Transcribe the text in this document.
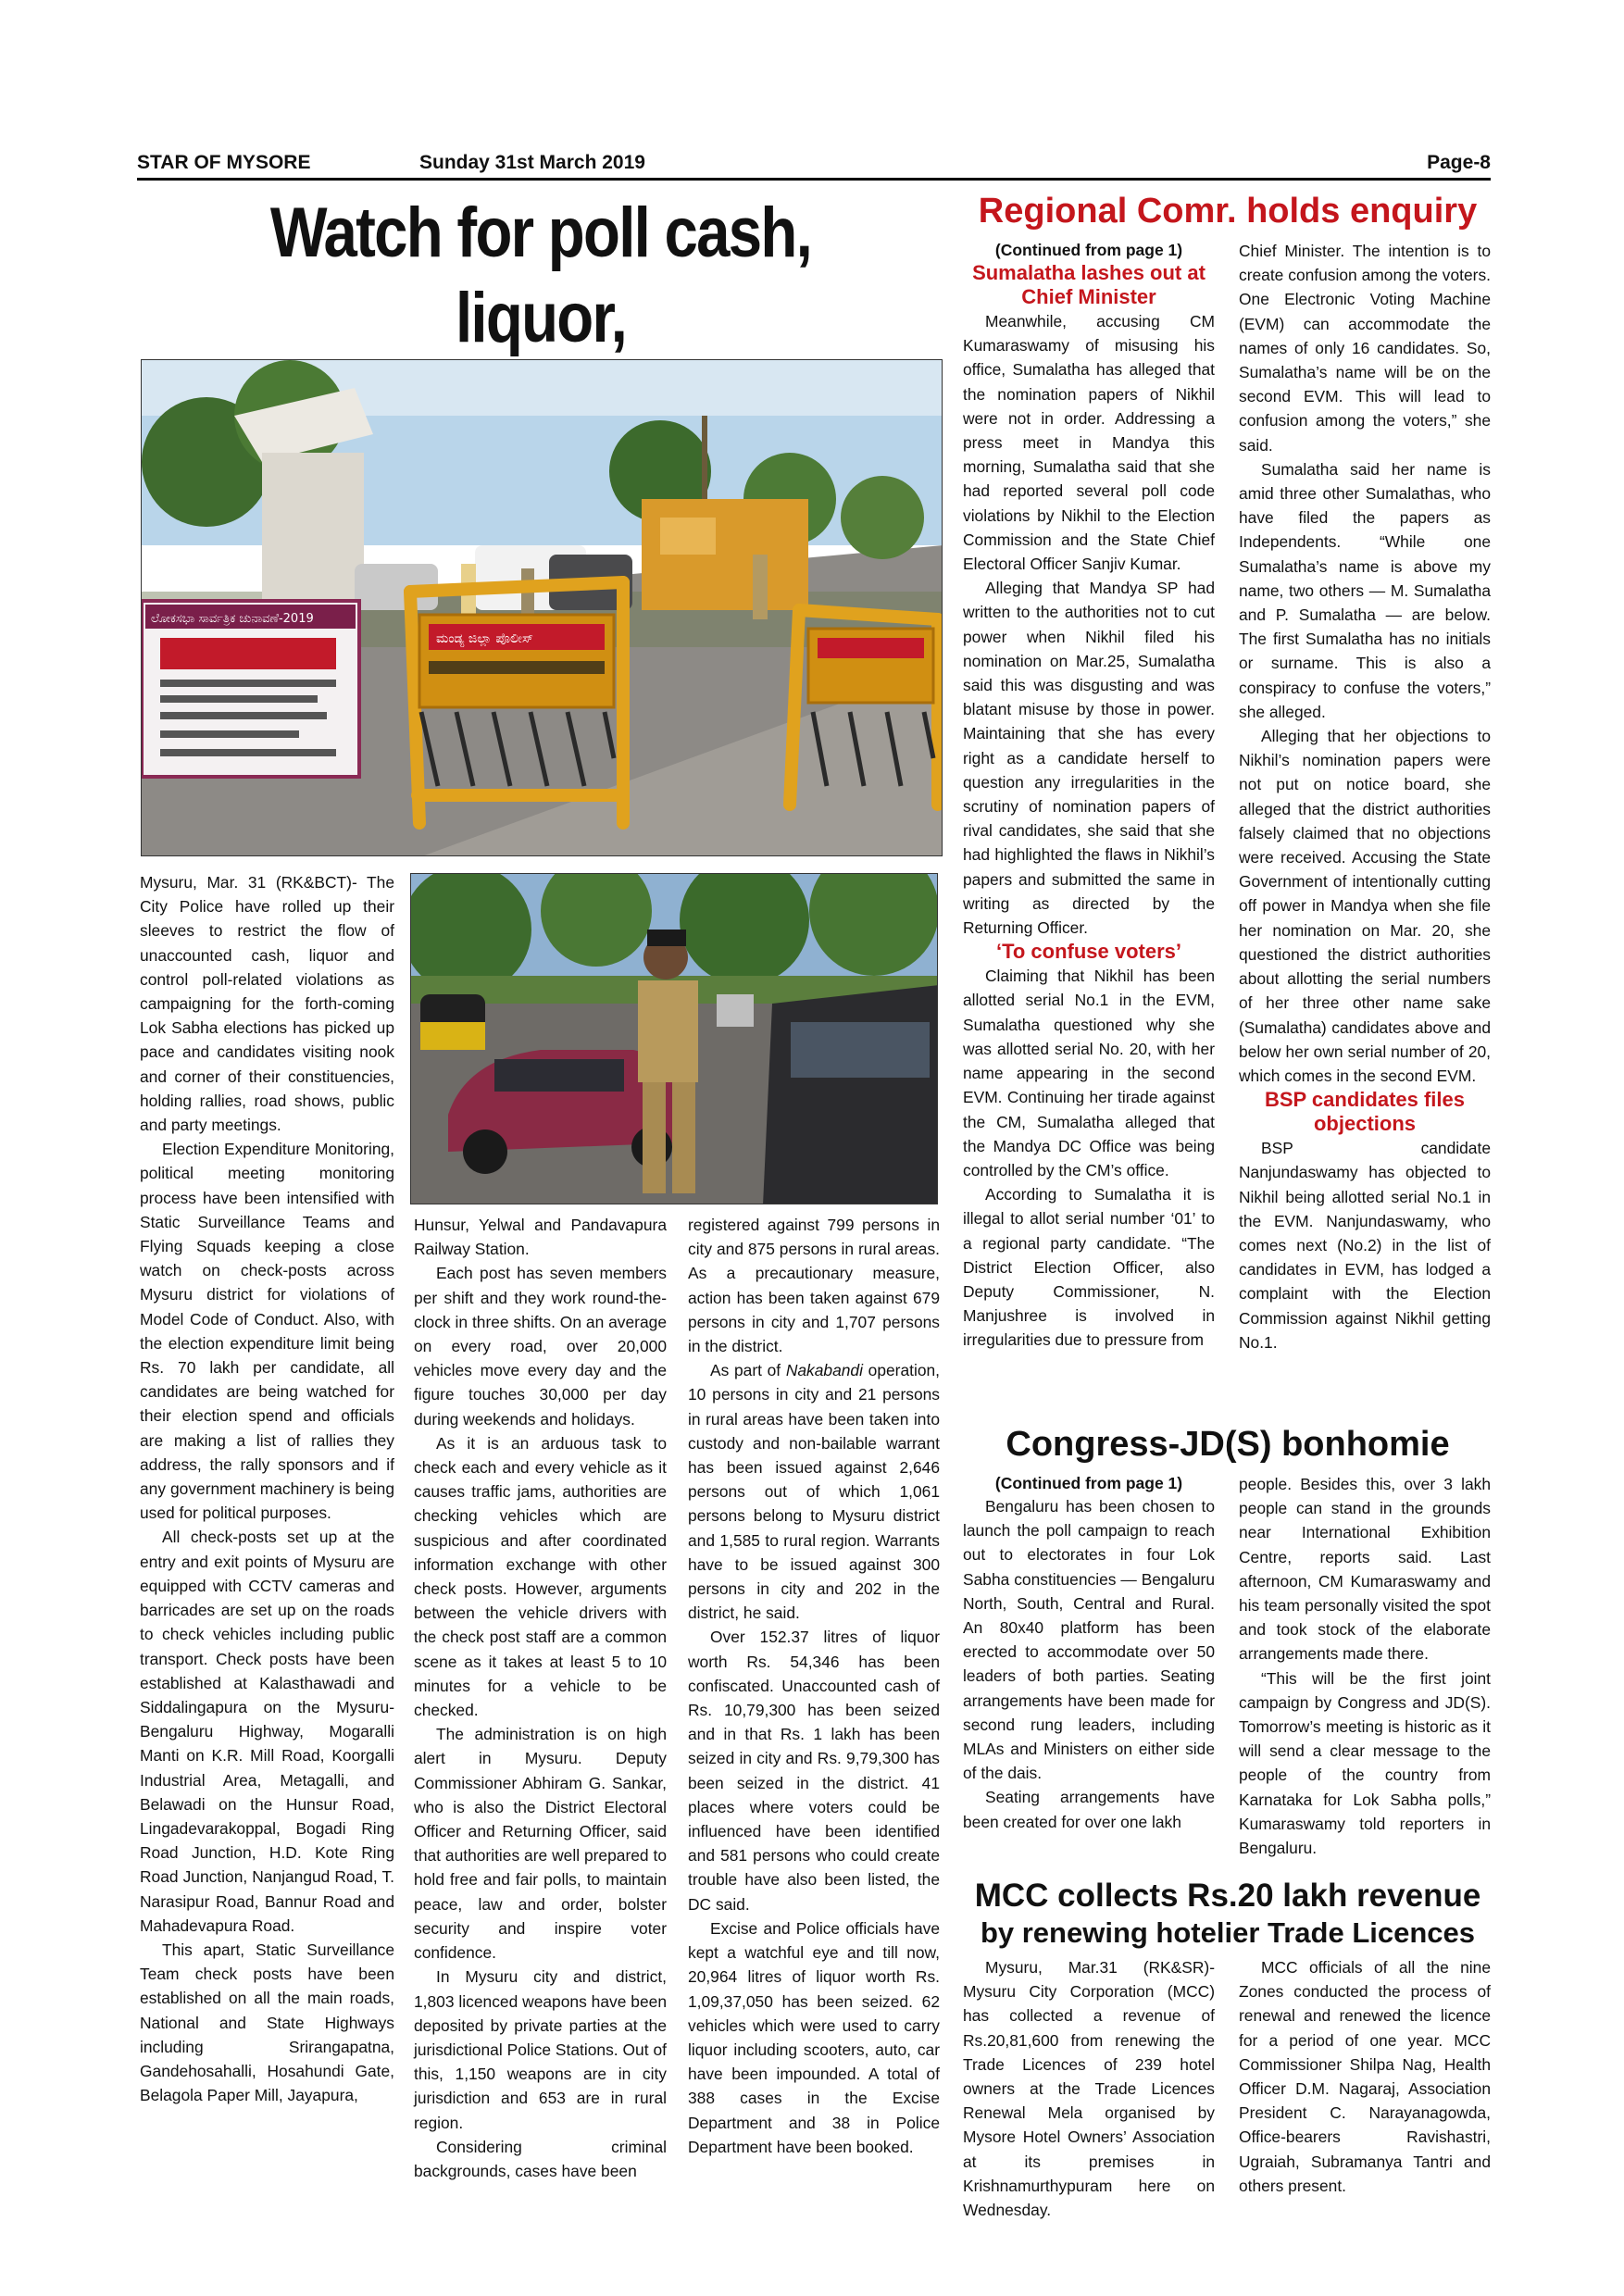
STAR OF MYSORE	Sunday 31st March 2019	Page-8
Watch for poll cash, liquor,
ಲೋಕಸಭಾ ಸಾರ್ವತ್ರಿಕ ಚುನಾವಣೆ-2019
ಮಂಡ್ಯ ಜಿಲ್ಲಾ ಪೊಲೀಸ್

Mysuru, Mar. 31 (RK&BCT)- The City Police have rolled up their sleeves to restrict the flow of unaccounted cash, liquor and control poll-related violations as campaigning for the forth-coming Lok Sabha elections has picked up pace and candidates visiting nook and corner of their constituencies, holding rallies, road shows, public and party meetings.

Election Expenditure Monitoring, political meeting monitoring process have been intensified with Static Surveillance Teams and Flying Squads keeping a close watch on check-posts across Mysuru district for violations of Model Code of Conduct. Also, with the election expenditure limit being Rs. 70 lakh per candidate, all candidates are being watched for their election spend and officials are making a list of rallies they address, the rally sponsors and if any government machinery is being used for political purposes.

All check-posts set up at the entry and exit points of Mysuru are equipped with CCTV cameras and barricades are set up on the roads to check vehicles including public transport. Check posts have been established at Kalasthawadi and Siddalingapura on the Mysuru-Bengaluru Highway, Mogaralli Manti on K.R. Mill Road, Koorgalli Industrial Area, Metagalli, and Belawadi on the Hunsur Road, Lingadevarakoppal, Bogadi Ring Road Junction, H.D. Kote Ring Road Junction, Nanjangud Road, T. Narasipur Road, Bannur Road and Mahadevapura Road.

This apart, Static Surveillance Team check posts have been established on all the main roads, National and State Highways including Srirangapatna, Gandehosahalli, Hosahundi Gate, Belagola Paper Mill, Jayapura,

Hunsur, Yelwal and Pandavapura Railway Station.

Each post has seven members per shift and they work round-the-clock in three shifts. On an average on every road, over 20,000 vehicles move every day and the figure touches 30,000 per day during weekends and holidays.

As it is an arduous task to check each and every vehicle as it causes traffic jams, authorities are checking vehicles which are suspicious and after coordinated information exchange with other check posts. However, arguments between the vehicle drivers with the check post staff are a common scene as it takes at least 5 to 10 minutes for a vehicle to be checked.

The administration is on high alert in Mysuru. Deputy Commissioner Abhiram G. Sankar, who is also the District Electoral Officer and Returning Officer, said that authorities are well prepared to hold free and fair polls, to maintain peace, law and order, bolster security and inspire voter confidence.

In Mysuru city and district, 1,803 licenced weapons have been deposited by private parties at the jurisdictional Police Stations. Out of this, 1,150 weapons are in city jurisdiction and 653 are in rural region.

Considering criminal backgrounds, cases have been

registered against 799 persons in city and 875 persons in rural areas. As a precautionary measure, action has been taken against 679 persons in city and 1,707 persons in the district.

As part of Nakabandi operation, 10 persons in city and 21 persons in rural areas have been taken into custody and non-bailable warrant has been issued against 2,646 persons out of which 1,061 persons belong to Mysuru district and 1,585 to rural region. Warrants have to be issued against 300 persons in city and 202 in the district, he said.

Over 152.37 litres of liquor worth Rs. 54,346 has been confiscated. Unaccounted cash of Rs. 10,79,300 has been seized and in that Rs. 1 lakh has been seized in city and Rs. 9,79,300 has been seized in the district. 41 places where voters could be influenced have been identified and 581 persons who could create trouble have also been listed, the DC said.

Excise and Police officials have kept a watchful eye and till now, 20,964 litres of liquor worth Rs. 1,09,37,050 has been seized. 62 vehicles which were used to carry liquor including scooters, auto, car have been impounded. A total of 388 cases in the Excise Department and 38 in Police Department have been booked.

Regional Comr. holds enquiry
(Continued from page 1)
Sumalatha lashes out at Chief Minister

Meanwhile, accusing CM Kumaraswamy of misusing his office, Sumalatha has alleged that the nomination papers of Nikhil were not in order. Addressing a press meet in Mandya this morning, Sumalatha said that she had reported several poll code violations by Nikhil to the Election Commission and the State Chief Electoral Officer Sanjiv Kumar.

Alleging that Mandya SP had written to the authorities not to cut power when Nikhil filed his nomination on Mar.25, Sumalatha said this was disgusting and was blatant misuse by those in power. Maintaining that she has every right as a candidate herself to question any irregularities in the scrutiny of nomination papers of rival candidates, she said that she had highlighted the flaws in Nikhil’s papers and submitted the same in writing as directed by the Returning Officer.

‘To confuse voters’

Claiming that Nikhil has been allotted serial No.1 in the EVM, Sumalatha questioned why she was allotted serial No. 20, with her name appearing in the second EVM. Continuing her tirade against the CM, Sumalatha alleged that the Mandya DC Office was being controlled by the CM’s office.

According to Sumalatha it is illegal to allot serial number ‘01’ to a regional party candidate. “The District Election Officer, also Deputy Commissioner, N. Manjushree is involved in irregularities due to pressure from

Chief Minister. The intention is to create confusion among the voters. One Electronic Voting Machine (EVM) can accommodate the names of only 16 candidates. So, Sumalatha’s name will be on the second EVM. This will lead to confusion among the voters,” she said.

Sumalatha said her name is amid three other Sumalathas, who have filed the papers as Independents. “While one Sumalatha’s name is above my name, two others — M. Sumalatha and P. Sumalatha — are below. The first Sumalatha has no initials or surname. This is also a conspiracy to confuse the voters,” she alleged.

Alleging that her objections to Nikhil’s nomination papers were not put on notice board, she alleged that the district authorities falsely claimed that no objections were received. Accusing the State Government of intentionally cutting off power in Mandya when she file her nomination on Mar. 20, she questioned the district authorities about allotting the serial numbers of her three other name sake (Sumalatha) candidates above and below her own serial number of 20, which comes in the second EVM.

BSP candidates files objections

BSP candidate Nanjundaswamy has objected to Nikhil being allotted serial No.1 in the EVM. Nanjundaswamy, who comes next (No.2) in the list of candidates in EVM, has lodged a complaint with the Election Commission against Nikhil getting No.1.

Congress-JD(S) bonhomie
(Continued from page 1)

Bengaluru has been chosen to launch the poll campaign to reach out to electorates in four Lok Sabha constituencies — Bengaluru North, South, Central and Rural. An 80x40 platform has been erected to accommodate over 50 leaders of both parties. Seating arrangements have been made for second rung leaders, including MLAs and Ministers on either side of the dais.

Seating arrangements have been created for over one lakh

people. Besides this, over 3 lakh people can stand in the grounds near International Exhibition Centre, reports said. Last afternoon, CM Kumaraswamy and his team personally visited the spot and took stock of the elaborate arrangements made there.

“This will be the first joint campaign by Congress and JD(S). Tomorrow’s meeting is historic as it will send a clear message to the people of the country from Karnataka for Lok Sabha polls,” Kumaraswamy told reporters in Bengaluru.

MCC collects Rs.20 lakh revenue
by renewing hotelier Trade Licences

Mysuru, Mar.31 (RK&SR)- Mysuru City Corporation (MCC) has collected a revenue of Rs.20,81,600 from renewing the Trade Licences of 239 hotel owners at the Trade Licences Renewal Mela organised by Mysore Hotel Owners’ Association at its premises in Krishnamurthypuram here on Wednesday.

MCC officials of all the nine Zones conducted the process of renewal and renewed the licence for a period of one year. MCC Commissioner Shilpa Nag, Health Officer D.M. Nagaraj, Association President C. Narayanagowda, Office-bearers Ravishastri, Ugraiah, Subramanya Tantri and others present.
